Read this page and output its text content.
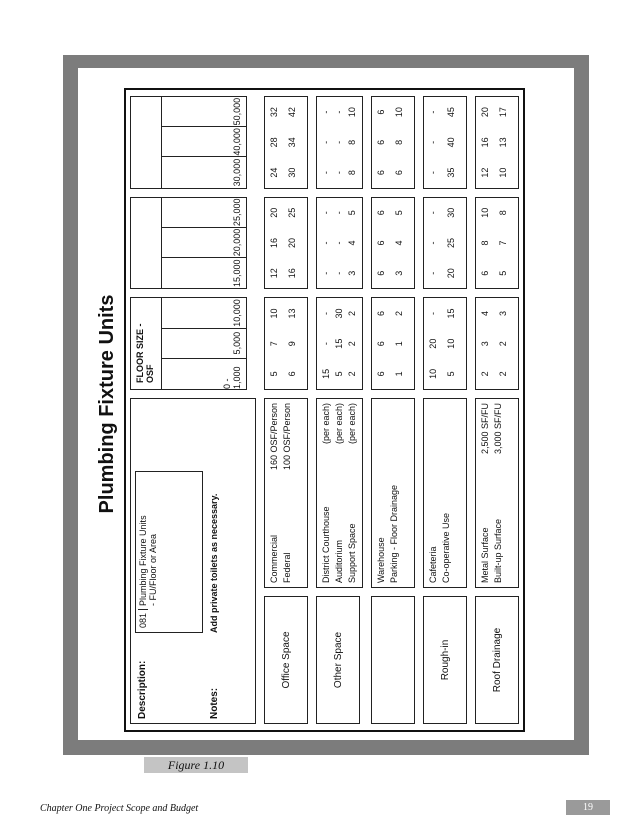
Plumbing Fixture Units
Description:
081Plumbing Fixture Units
- FU/Floor or Area
Notes:
Add private toilets as necessary.
FLOOR SIZE - OSF
0 - 1,000
5,000
10,000
15,000
20,000
25,000
30,000
40,000
50,000
Office Space
Commercial
160 OSF/Person
Federal
100 OSF/Person
5
7
10
6
9
13
12
16
20
16
20
25
24
28
32
30
34
42
Other Space
District Courthouse
(per each)
Auditorium
(per each)
Support Space
(per each)
15
-
-
5
15
30
2
2
2
-
-
-
-
-
-
3
4
5
-
-
-
-
-
-
8
8
10
Warehouse Parking - Floor Drainage
6
6
6
1
1
2
6
6
6
3
4
5
6
6
6
6
8
10
Rough-in
Cafeteria Co-operative Use
10
20
-
5
10
15
-
-
-
20
25
30
-
-
-
35
40
45
Roof Drainage
Metal Surface
2,500 SF/FU
Built-up Surface
3,000 SF/FU
2
3
4
2
2
3
6
8
10
5
7
8
12
16
20
10
13
17
Figure 1.10
Chapter One Project Scope and Budget	19
